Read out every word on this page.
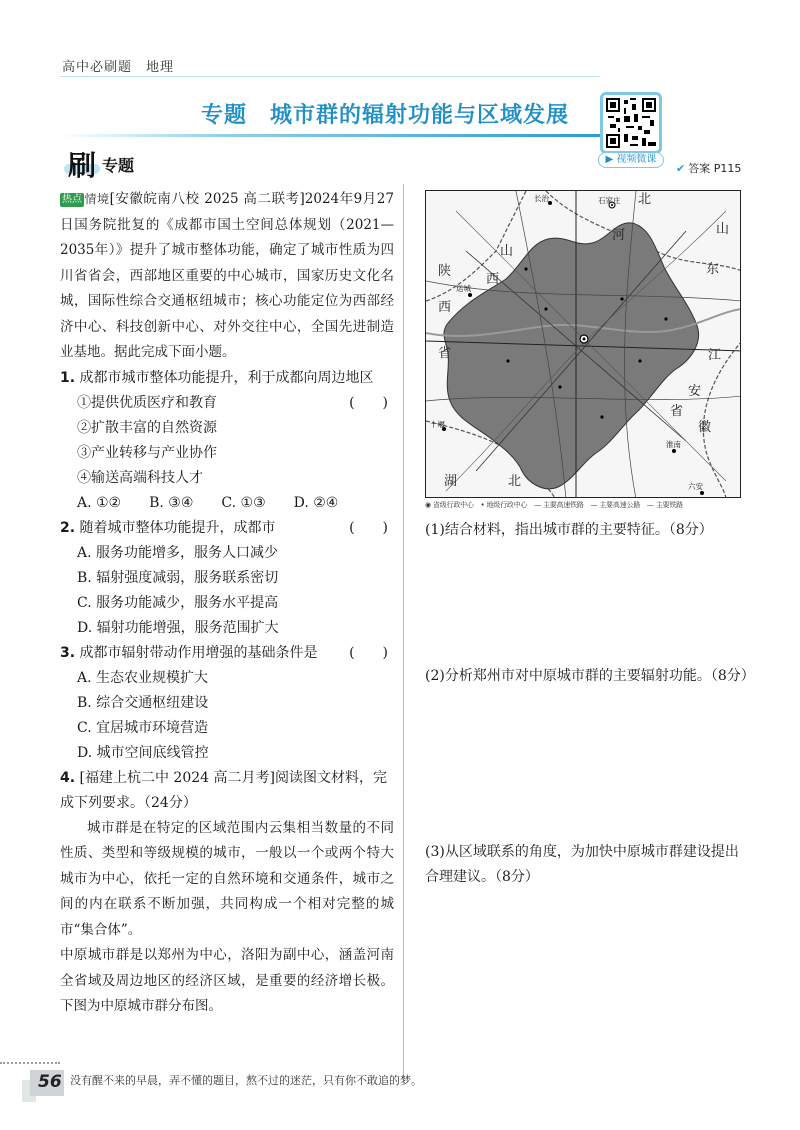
高中必刷题　地理
专题　城市群的辐射功能与区域发展
▶ 视频微课
刷 专题	✔ 答案 P115

热点 情境[安徽皖南八校 2025 高二联考]2024年9月27日国务院批复的《成都市国土空间总体规划（2021—2035年）》提升了城市整体功能，确定了城市性质为四川省省会，西部地区重要的中心城市，国家历史文化名城，国际性综合交通枢纽城市；核心功能定位为西部经济中心、科技创新中心、对外交往中心，全国先进制造业基地。据此完成下面小题。

1. 成都市城市整体功能提升，利于成都向周边地区
(　　)

①提供优质医疗和教育

②扩散丰富的自然资源

③产业转移与产业协作

④输送高端科技人才

A. ①②　　B. ③④　　C. ①③　　D. ②④

2. 随着城市整体功能提升，成都市	(　　)

A. 服务功能增多，服务人口减少

B. 辐射强度减弱，服务联系密切

C. 服务功能减少，服务水平提高

D. 辐射功能增强，服务范围扩大

3. 成都市辐射带动作用增强的基础条件是 (　　)

A. 生态农业规模扩大

B. 综合交通枢纽建设

C. 宜居城市环境营造

D. 城市空间底线管控

4. [福建上杭二中 2024 高二月考]阅读图文材料，完成下列要求。（24分）

城市群是在特定的区域范围内云集相当数量的不同性质、类型和等级规模的城市，一般以一个或两个特大城市为中心，依托一定的自然环境和交通条件，城市之间的内在联系不断加强，共同构成一个相对完整的城市“集合体”。

中原城市群是以郑州为中心，洛阳为副中心，涵盖河南全省域及周边地区的经济区域，是重要的经济增长极。下图为中原城市群分布图。

山
西
陕
西
省
河
北
山
东
江
安
徽
湖	北
省
石家庄
长治
运城
十堰
六安
淮南
◉ 省级行政中心　• 地级行政中心　— 主要高速铁路　— 主要高速公路　— 主要铁路
(1)结合材料，指出城市群的主要特征。（8分）
(2)分析郑州市对中原城市群的主要辐射功能。（8分）
(3)从区域联系的角度，为加快中原城市群建设提出合理建议。（8分）
56 没有醒不来的早晨，弄不懂的题目，熬不过的迷茫，只有你不敢追的梦。
